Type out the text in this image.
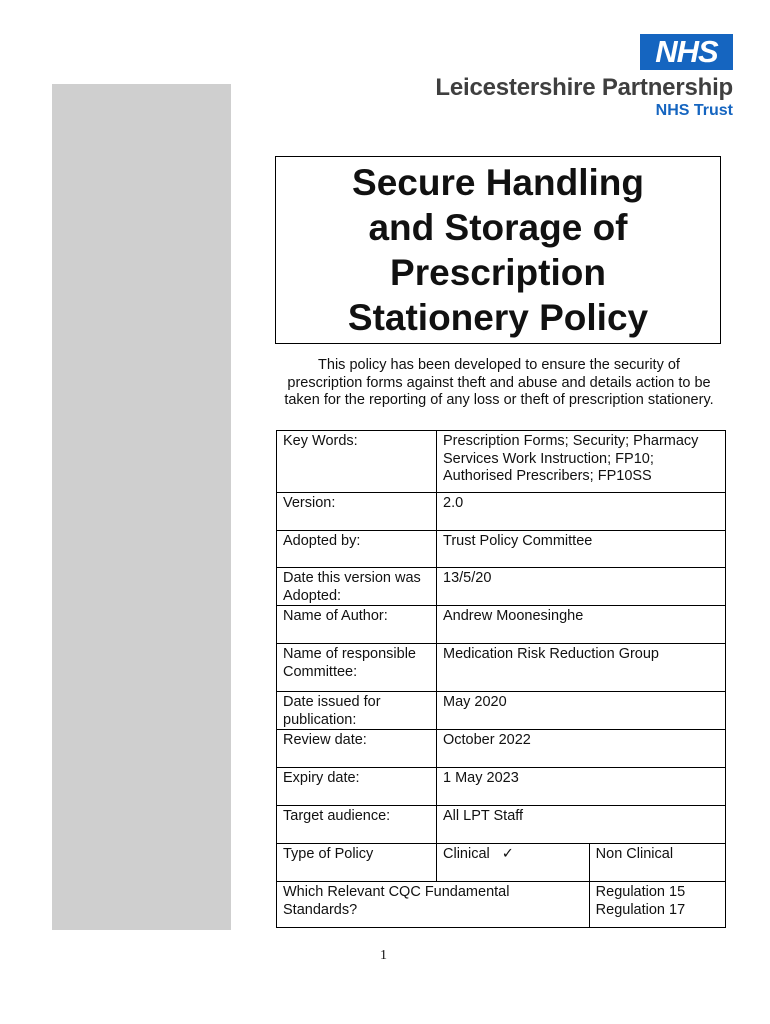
NHS
Leicestershire Partnership
NHS Trust
Secure Handling
and Storage of
Prescription
Stationery Policy

This policy has been developed to ensure the security of prescription forms against theft and abuse and details action to be taken for the reporting of any loss or theft of prescription stationery.

Key Words:	Prescription Forms; Security; Pharmacy Services Work Instruction; FP10; Authorised Prescribers; FP10SS	
Version:	2.0	
Adopted by:	Trust Policy Committee	
Date this version was Adopted:	13/5/20	
Name of Author:	Andrew Moonesinghe	
Name of responsible Committee:	Medication Risk Reduction Group	
Date issued for publication:	May 2020	
Review date:	October 2022	
Expiry date:	1 May 2023	
Target audience:	All LPT Staff	
Type of Policy	Clinical ✓	Non Clinical
Which Relevant CQC Fundamental Standards?		Regulation 15
Regulation 17
1
